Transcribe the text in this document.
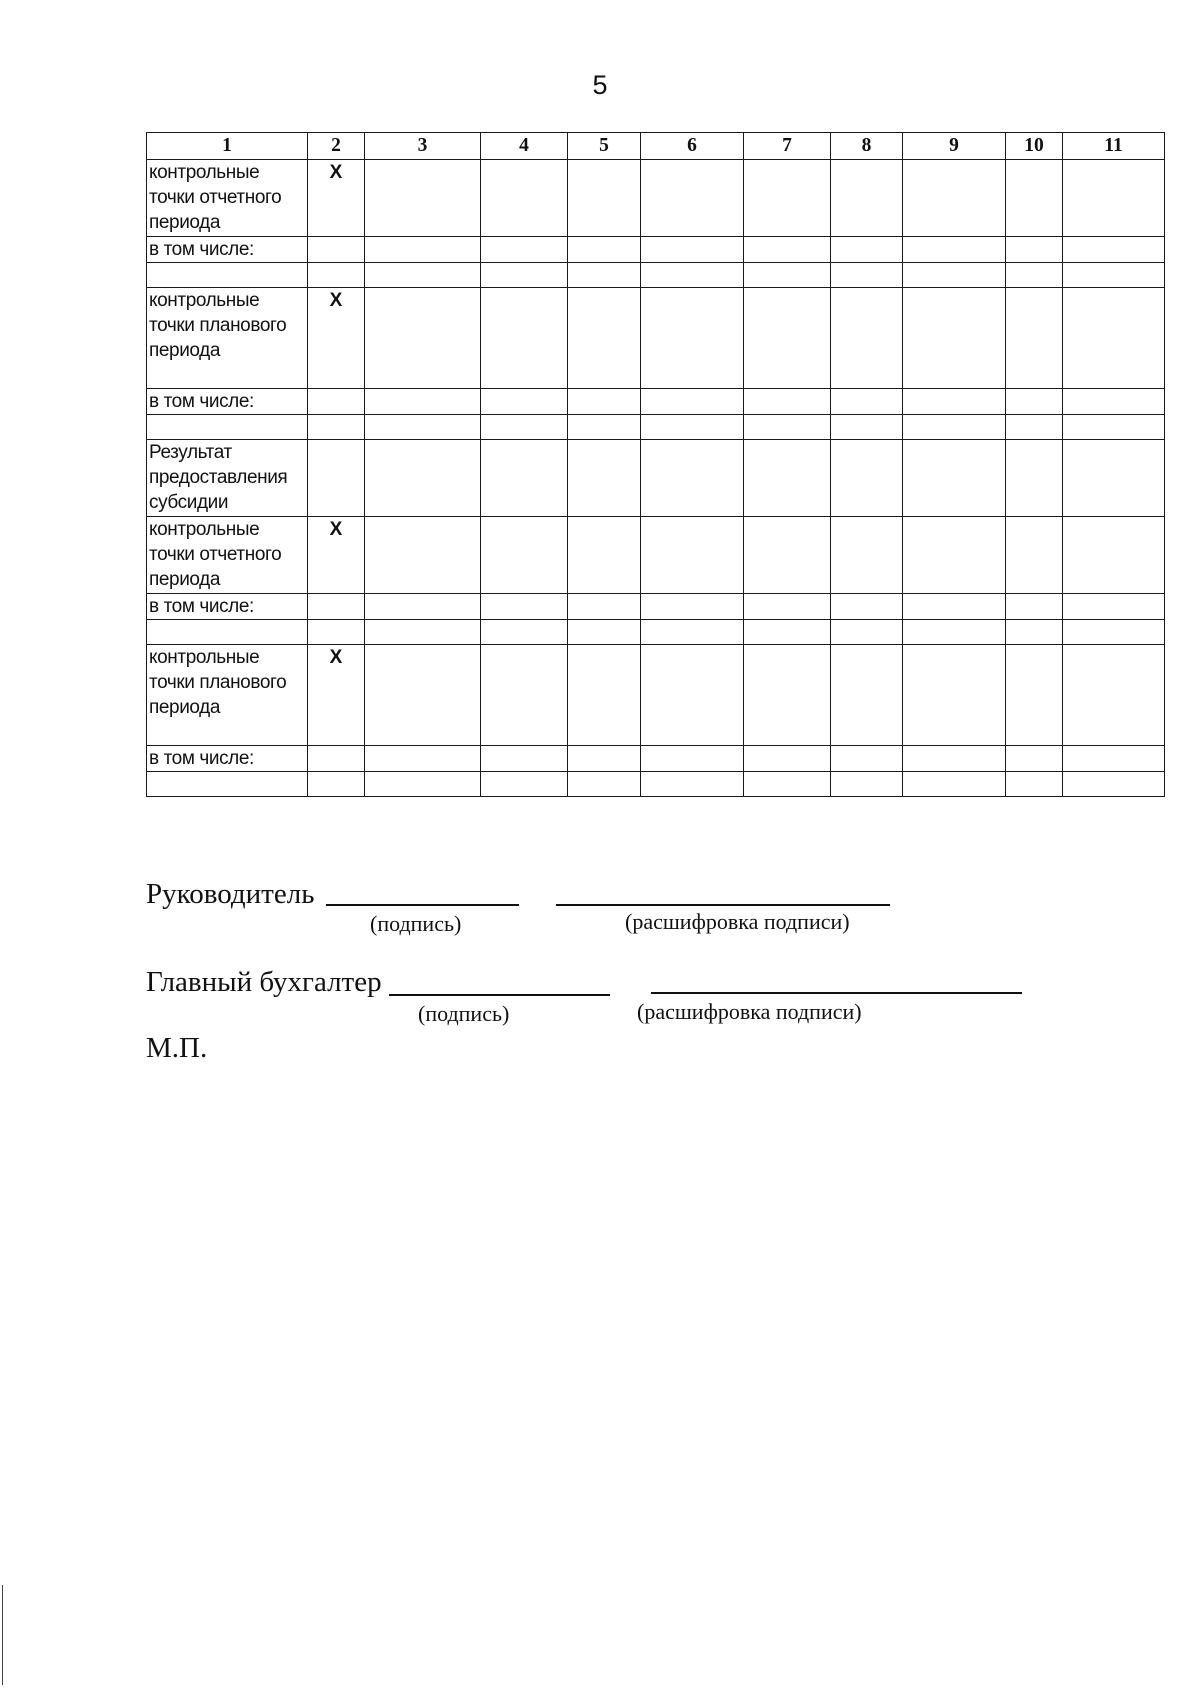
5
1	2	3	4	5	6	7	8	9	10	11
контрольные точки отчетного периода	X									
в том числе:										

контрольные точки планового периода	X									
в том числе:										

Результат предоставления субсидии										
контрольные точки отчетного периода	X									
в том числе:										

контрольные точки планового периода	X									
в том числе:										

Руководитель
(подпись)	(расшифровка подписи)
Главный бухгалтер
(подпись)	(расшифровка подписи)
М.П.
